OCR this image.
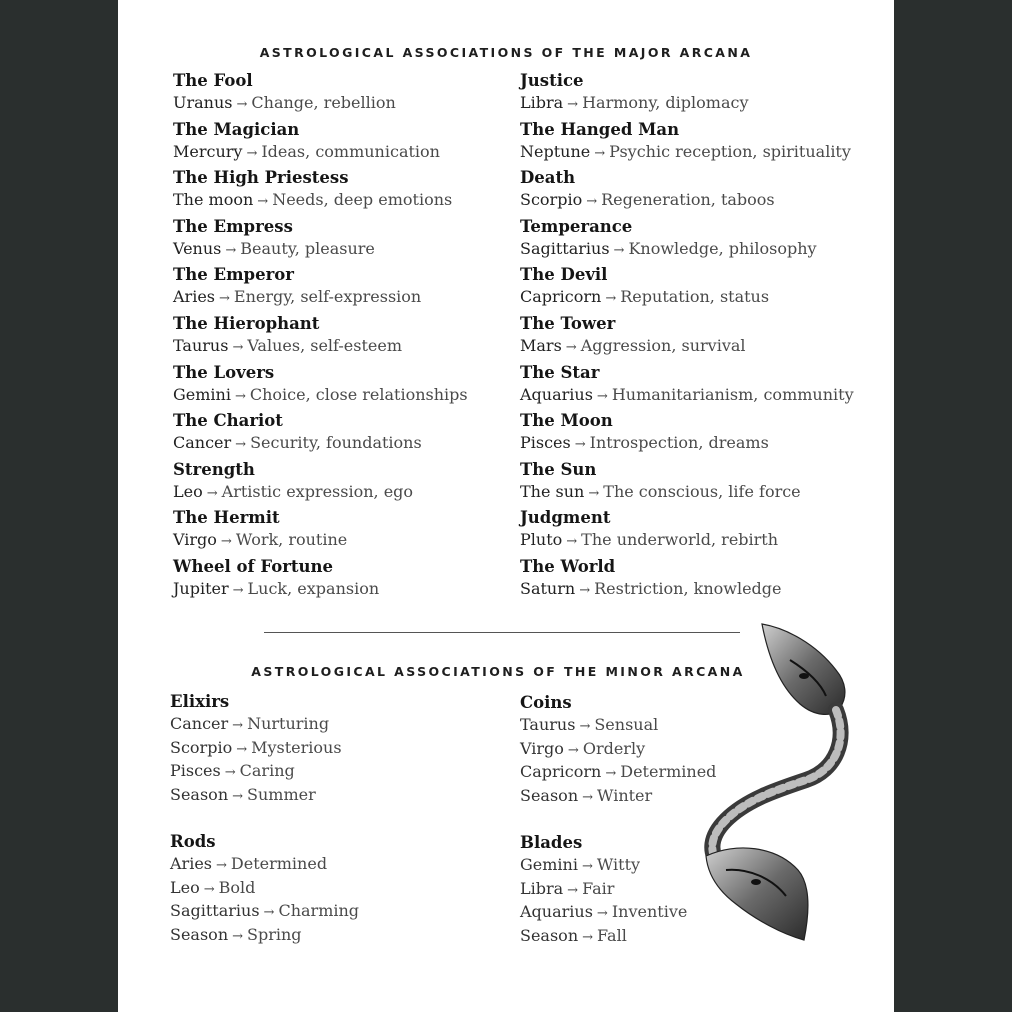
ASTROLOGICAL ASSOCIATIONS OF THE MAJOR ARCANA
The Fool
Uranus → Change, rebellion
The Magician
Mercury → Ideas, communication
The High Priestess
The moon → Needs, deep emotions
The Empress
Venus → Beauty, pleasure
The Emperor
Aries → Energy, self-expression
The Hierophant
Taurus → Values, self-esteem
The Lovers
Gemini → Choice, close relationships
The Chariot
Cancer → Security, foundations
Strength
Leo → Artistic expression, ego
The Hermit
Virgo → Work, routine
Wheel of Fortune
Jupiter → Luck, expansion
Justice
Libra → Harmony, diplomacy
The Hanged Man
Neptune → Psychic reception, spirituality
Death
Scorpio → Regeneration, taboos
Temperance
Sagittarius → Knowledge, philosophy
The Devil
Capricorn → Reputation, status
The Tower
Mars → Aggression, survival
The Star
Aquarius → Humanitarianism, community
The Moon
Pisces → Introspection, dreams
The Sun
The sun → The conscious, life force
Judgment
Pluto → The underworld, rebirth
The World
Saturn → Restriction, knowledge
ASTROLOGICAL ASSOCIATIONS OF THE MINOR ARCANA
Elixirs
Cancer → Nurturing
Scorpio → Mysterious
Pisces → Caring
Season → Summer
Coins
Taurus → Sensual
Virgo → Orderly
Capricorn → Determined
Season → Winter
Rods
Aries → Determined
Leo → Bold
Sagittarius → Charming
Season → Spring
Blades
Gemini → Witty
Libra → Fair
Aquarius → Inventive
Season → Fall
